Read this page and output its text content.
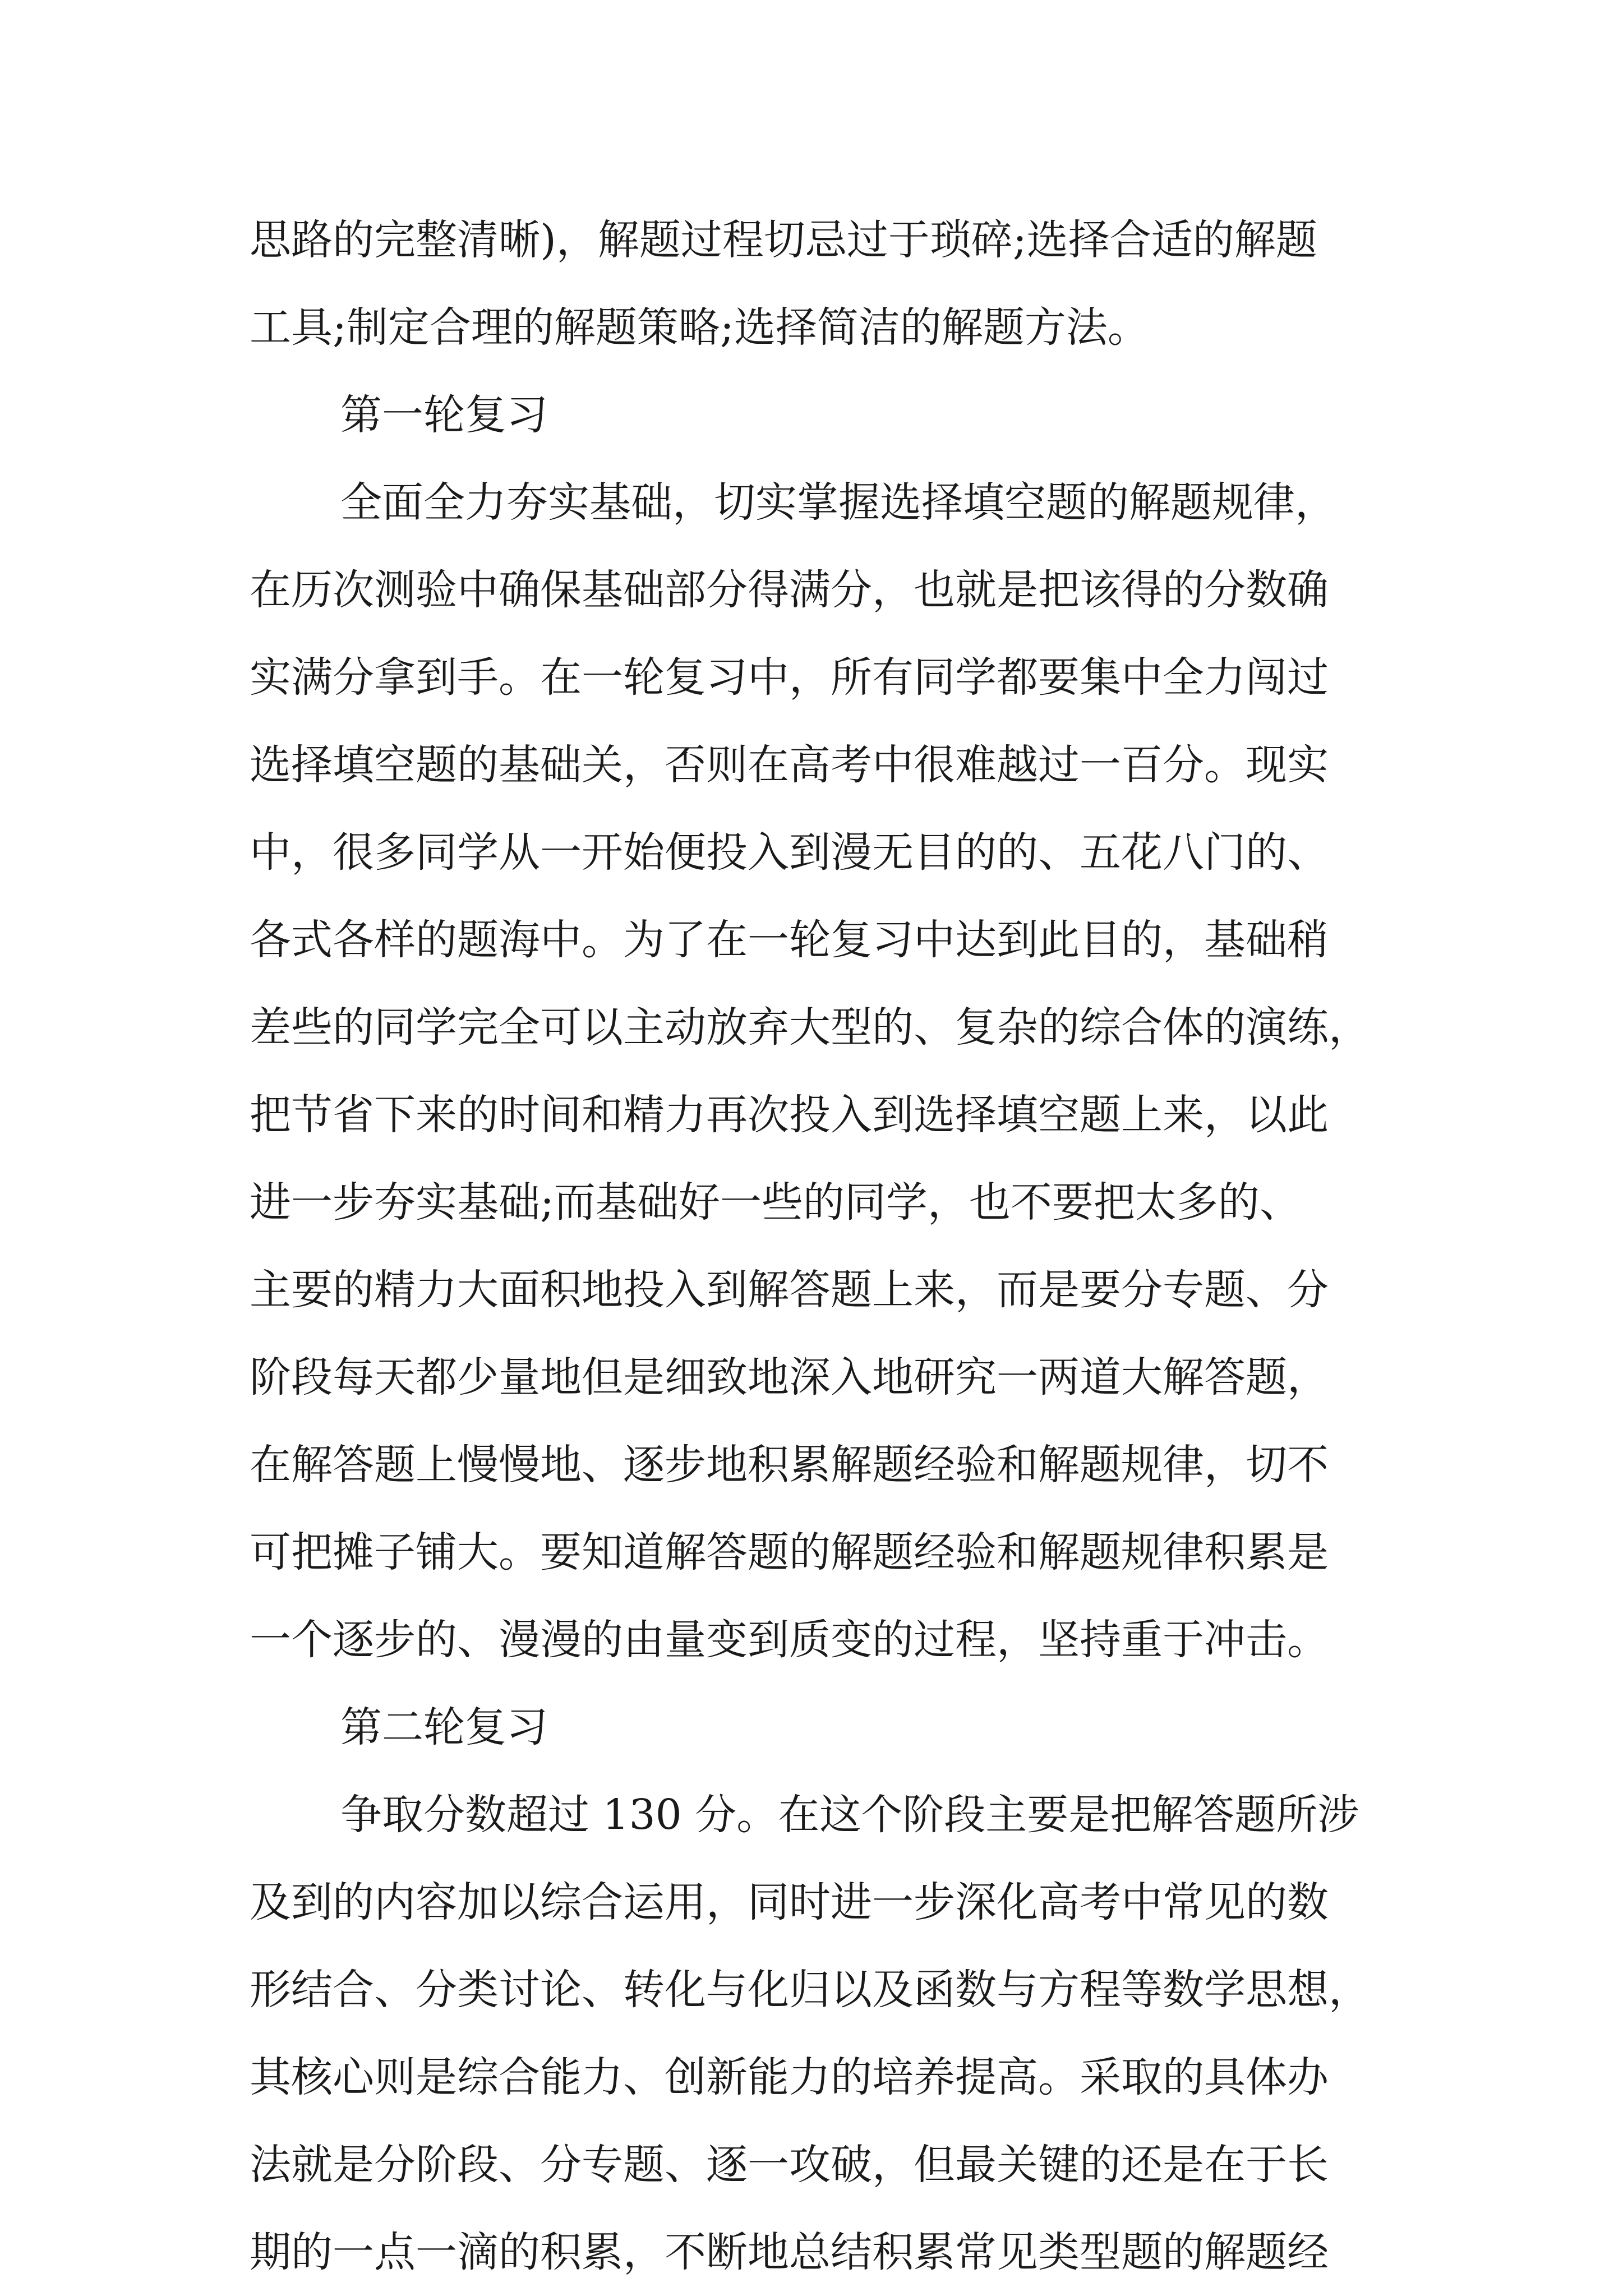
思路的完整清晰)，解题过程切忌过于琐碎;选择合适的解题
工具;制定合理的解题策略;选择简洁的解题方法。
第一轮复习
全面全力夯实基础，切实掌握选择填空题的解题规律，
在历次测验中确保基础部分得满分，也就是把该得的分数确
实满分拿到手。在一轮复习中，所有同学都要集中全力闯过
选择填空题的基础关，否则在高考中很难越过一百分。现实
中，很多同学从一开始便投入到漫无目的的、五花八门的、
各式各样的题海中。为了在一轮复习中达到此目的，基础稍
差些的同学完全可以主动放弃大型的、复杂的综合体的演练，
把节省下来的时间和精力再次投入到选择填空题上来，以此
进一步夯实基础;而基础好一些的同学，也不要把太多的、
主要的精力大面积地投入到解答题上来，而是要分专题、分
阶段每天都少量地但是细致地深入地研究一两道大解答题，
在解答题上慢慢地、逐步地积累解题经验和解题规律，切不
可把摊子铺大。要知道解答题的解题经验和解题规律积累是
一个逐步的、漫漫的由量变到质变的过程，坚持重于冲击。
第二轮复习
争取分数超过 130 分。在这个阶段主要是把解答题所涉
及到的内容加以综合运用，同时进一步深化高考中常见的数
形结合、分类讨论、转化与化归以及函数与方程等数学思想，
其核心则是综合能力、创新能力的培养提高。采取的具体办
法就是分阶段、分专题、逐一攻破，但最关键的还是在于长
期的一点一滴的积累，不断地总结积累常见类型题的解题经
